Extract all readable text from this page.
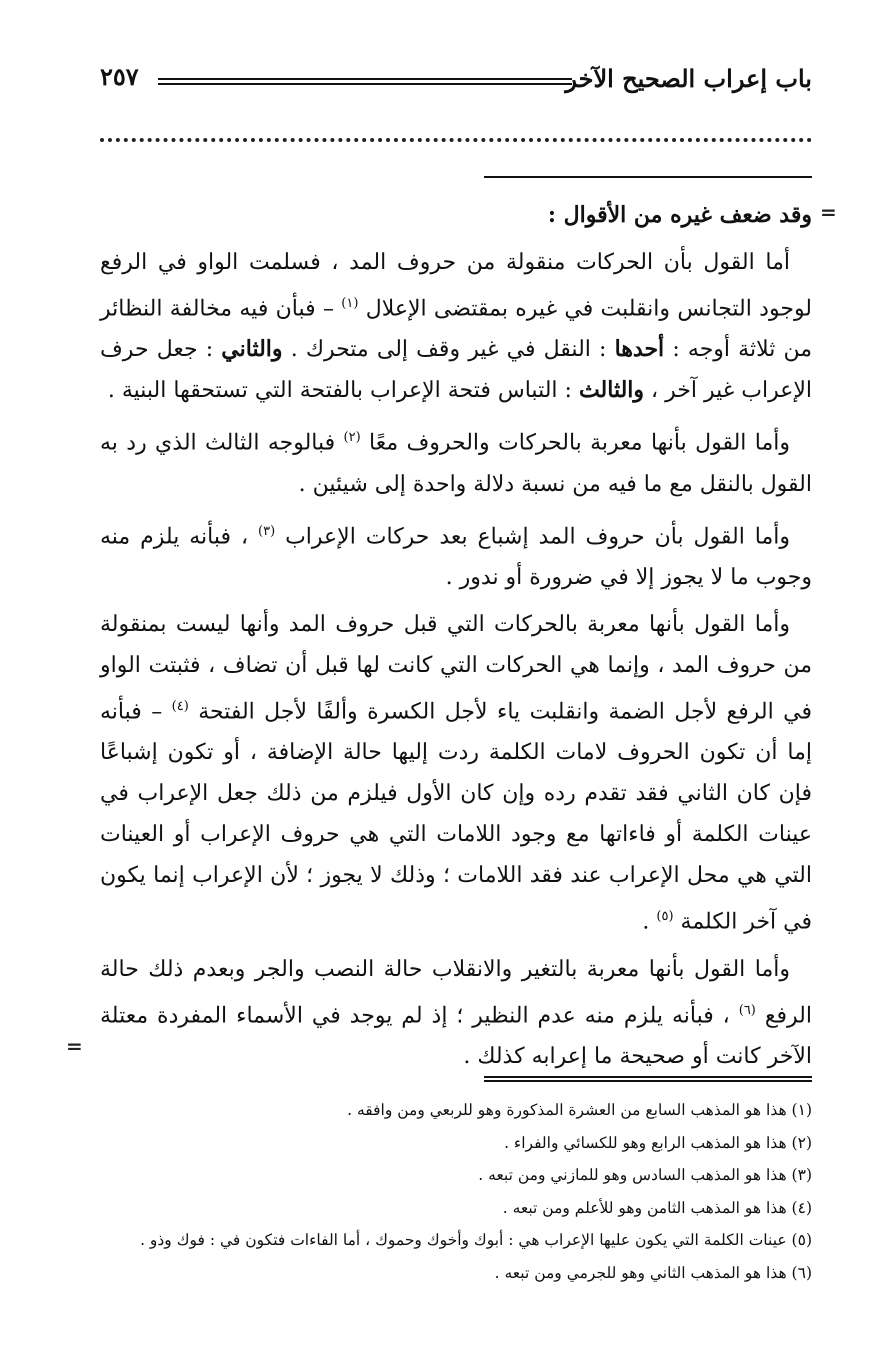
باب إعراب الصحيح الآخر
٢٥٧
=
=
وقد ضعف غيره من الأقوال :

أما القول بأن الحركات منقولة من حروف المد ، فسلمت الواو في الرفع لوجود التجانس وانقلبت في غيره بمقتضى الإعلال $^{(١)}$ – فبأن فيه مخالفة النظائر من ثلاثة أوجه : أحدها : النقل في غير وقف إلى متحرك . والثاني : جعل حرف الإعراب غير آخر ، والثالث : التباس فتحة الإعراب بالفتحة التي تستحقها البنية .

وأما القول بأنها معربة بالحركات والحروف معًا $^{(٢)}$ فبالوجه الثالث الذي رد به القول بالنقل مع ما فيه من نسبة دلالة واحدة إلى شيئين .

وأما القول بأن حروف المد إشباع بعد حركات الإعراب $^{(٣)}$ ، فبأنه يلزم منه وجوب ما لا يجوز إلا في ضرورة أو ندور .

وأما القول بأنها معربة بالحركات التي قبل حروف المد وأنها ليست بمنقولة من حروف المد ، وإنما هي الحركات التي كانت لها قبل أن تضاف ، فثبتت الواو في الرفع لأجل الضمة وانقلبت ياء لأجل الكسرة وألفًا لأجل الفتحة $^{(٤)}$ – فبأنه إما أن تكون الحروف لامات الكلمة ردت إليها حالة الإضافة ، أو تكون إشباعًا فإن كان الثاني فقد تقدم رده وإن كان الأول فيلزم من ذلك جعل الإعراب في عينات الكلمة أو فاءاتها مع وجود اللامات التي هي حروف الإعراب أو العينات التي هي محل الإعراب عند فقد اللامات ؛ وذلك لا يجوز ؛ لأن الإعراب إنما يكون في آخر الكلمة $^{(٥)}$ .

وأما القول بأنها معربة بالتغير والانقلاب حالة النصب والجر وبعدم ذلك حالة الرفع $^{(٦)}$ ، فبأنه يلزم منه عدم النظير ؛ إذ لم يوجد في الأسماء المفردة معتلة الآخر كانت أو صحيحة ما إعرابه كذلك .

(١) هذا هو المذهب السابع من العشرة المذكورة وهو للربعي ومن وافقه .
(٢) هذا هو المذهب الرابع وهو للكسائي والفراء .
(٣) هذا هو المذهب السادس وهو للمازني ومن تبعه .
(٤) هذا هو المذهب الثامن وهو للأعلم ومن تبعه .
(٥) عينات الكلمة التي يكون عليها الإعراب هي : أبوك وأخوك وحموك ، أما الفاءات فتكون في : فوك وذو .
(٦) هذا هو المذهب الثاني وهو للجرمي ومن تبعه .
